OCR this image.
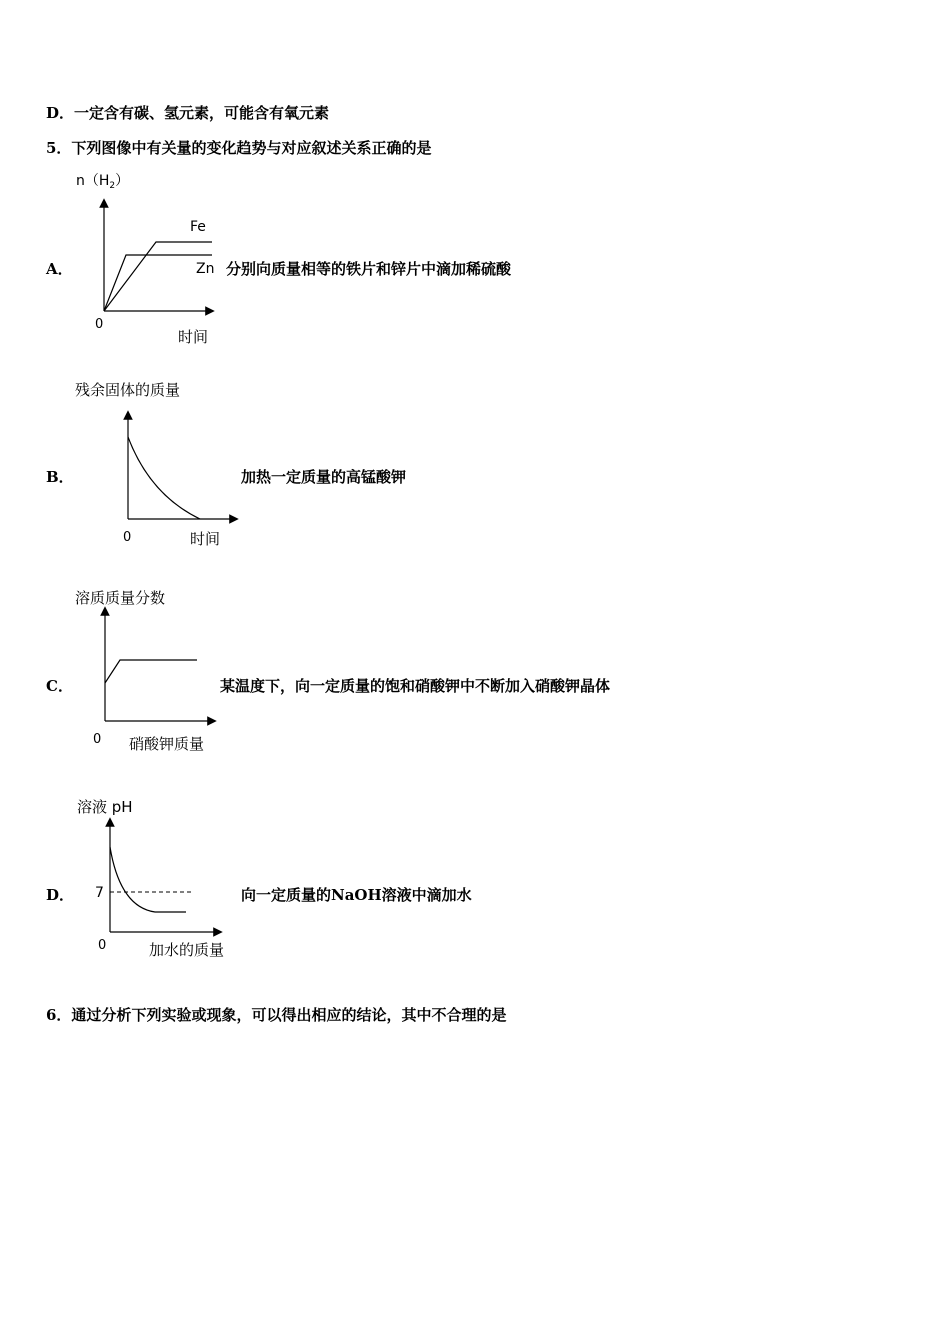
D．一定含有碳、氢元素，可能含有氧元素
5．下列图像中有关量的变化趋势与对应叙述关系正确的是
A．
$n(H_2)$
Fe
Zn
0
时间
分别向质量相等的铁片和锌片中滴加稀硫酸
B．
残余固体的质量
0	时间
加热一定质量的高锰酸钾
C．
溶质质量分数
0 硝酸钾质量
某温度下，向一定质量的饱和硝酸钾中不断加入硝酸钾晶体
D．
溶液 pH
7
0	加水的质量
向一定质量的NaOH溶液中滴加水
6．通过分析下列实验或现象，可以得出相应的结论，其中不合理的是
